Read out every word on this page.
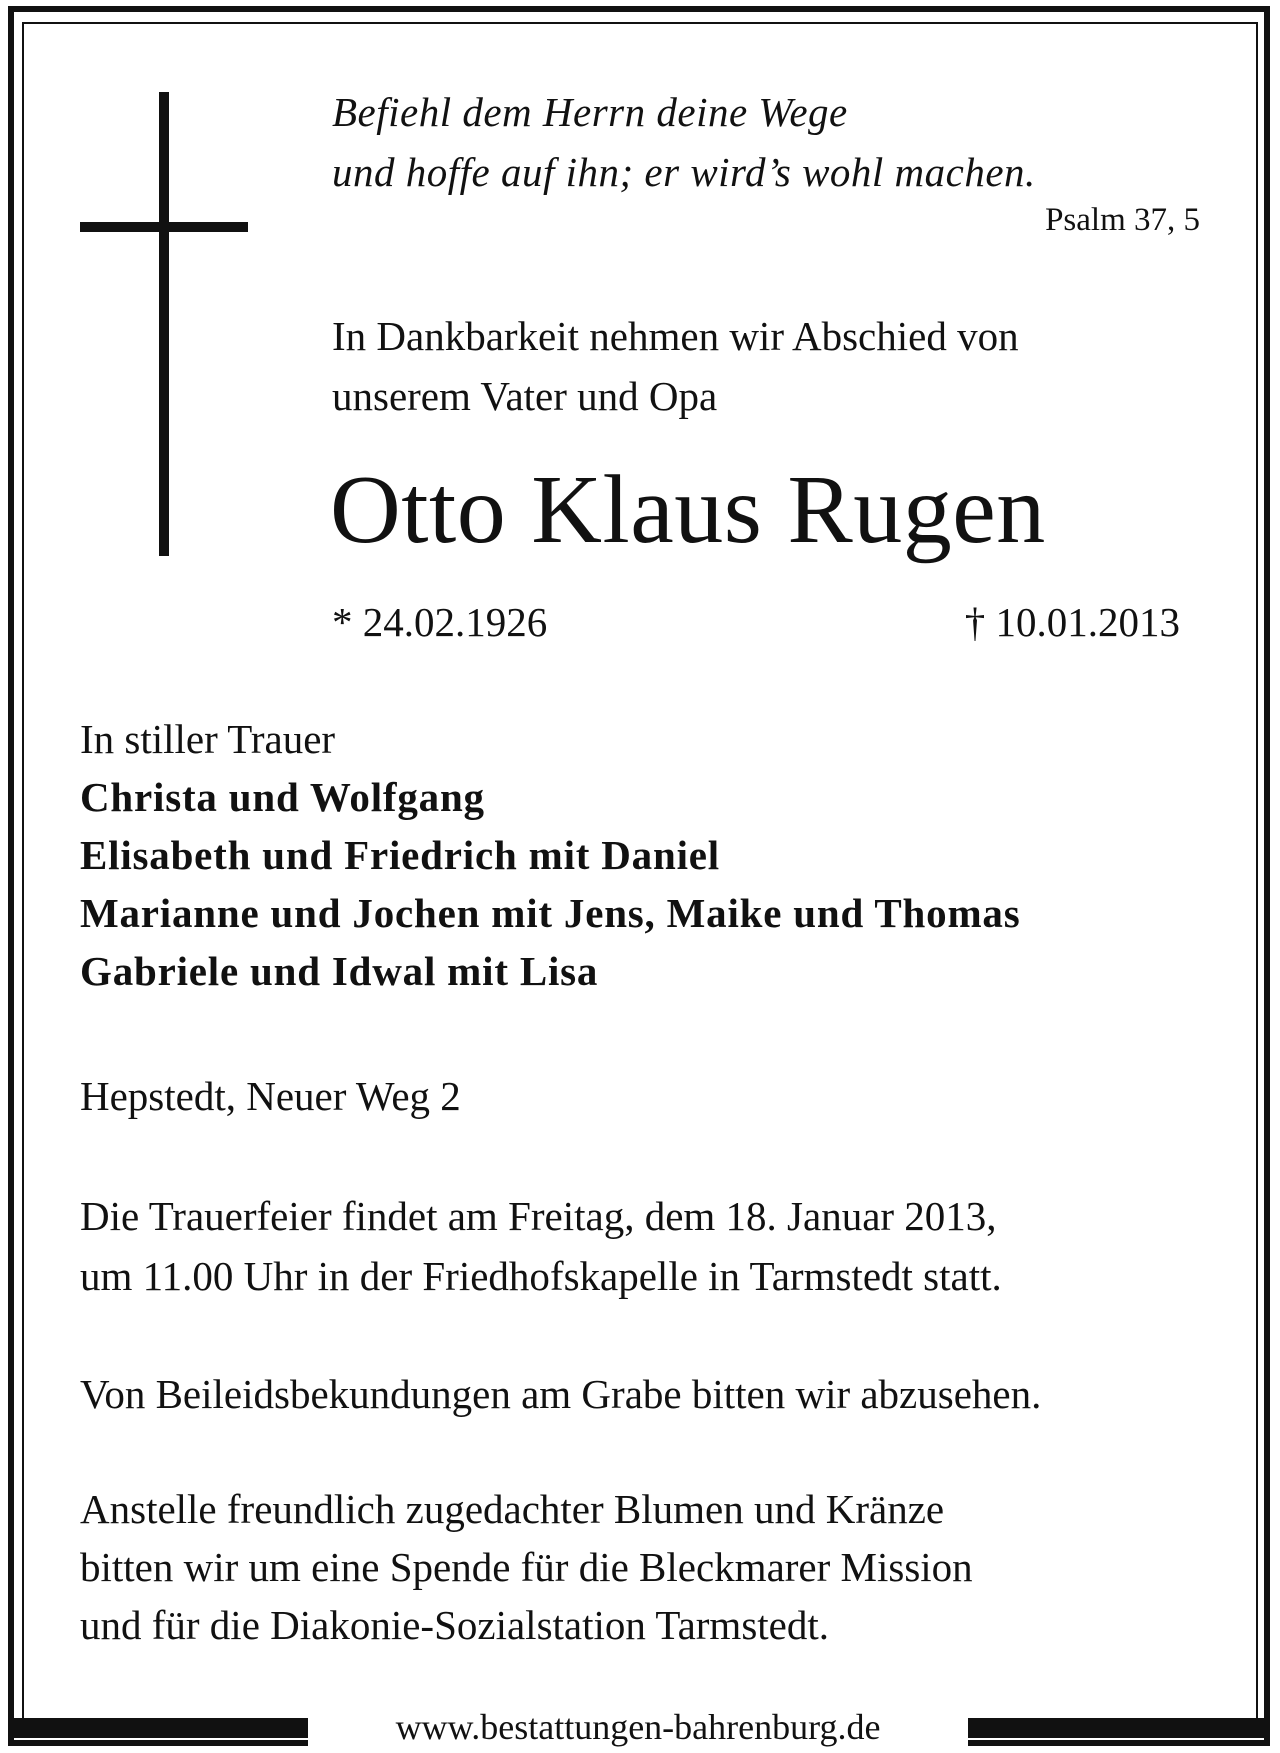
Befiehl dem Herrn deine Wege
und hoffe auf ihn; er wird’s wohl machen.
Psalm 37, 5
In Dankbarkeit nehmen wir Abschied von
unserem Vater und Opa
Otto Klaus Rugen
* 24.02.1926	† 10.01.2013
In stiller Trauer
Christa und Wolfgang
Elisabeth und Friedrich mit Daniel
Marianne und Jochen mit Jens, Maike und Thomas
Gabriele und Idwal mit Lisa
Hepstedt, Neuer Weg 2
Die Trauerfeier findet am Freitag, dem 18. Januar 2013,
um 11.00 Uhr in der Friedhofskapelle in Tarmstedt statt.
Von Beileidsbekundungen am Grabe bitten wir abzusehen.
Anstelle freundlich zugedachter Blumen und Kränze
bitten wir um eine Spende für die Bleckmarer Mission
und für die Diakonie-Sozialstation Tarmstedt.
www.bestattungen-bahrenburg.de
